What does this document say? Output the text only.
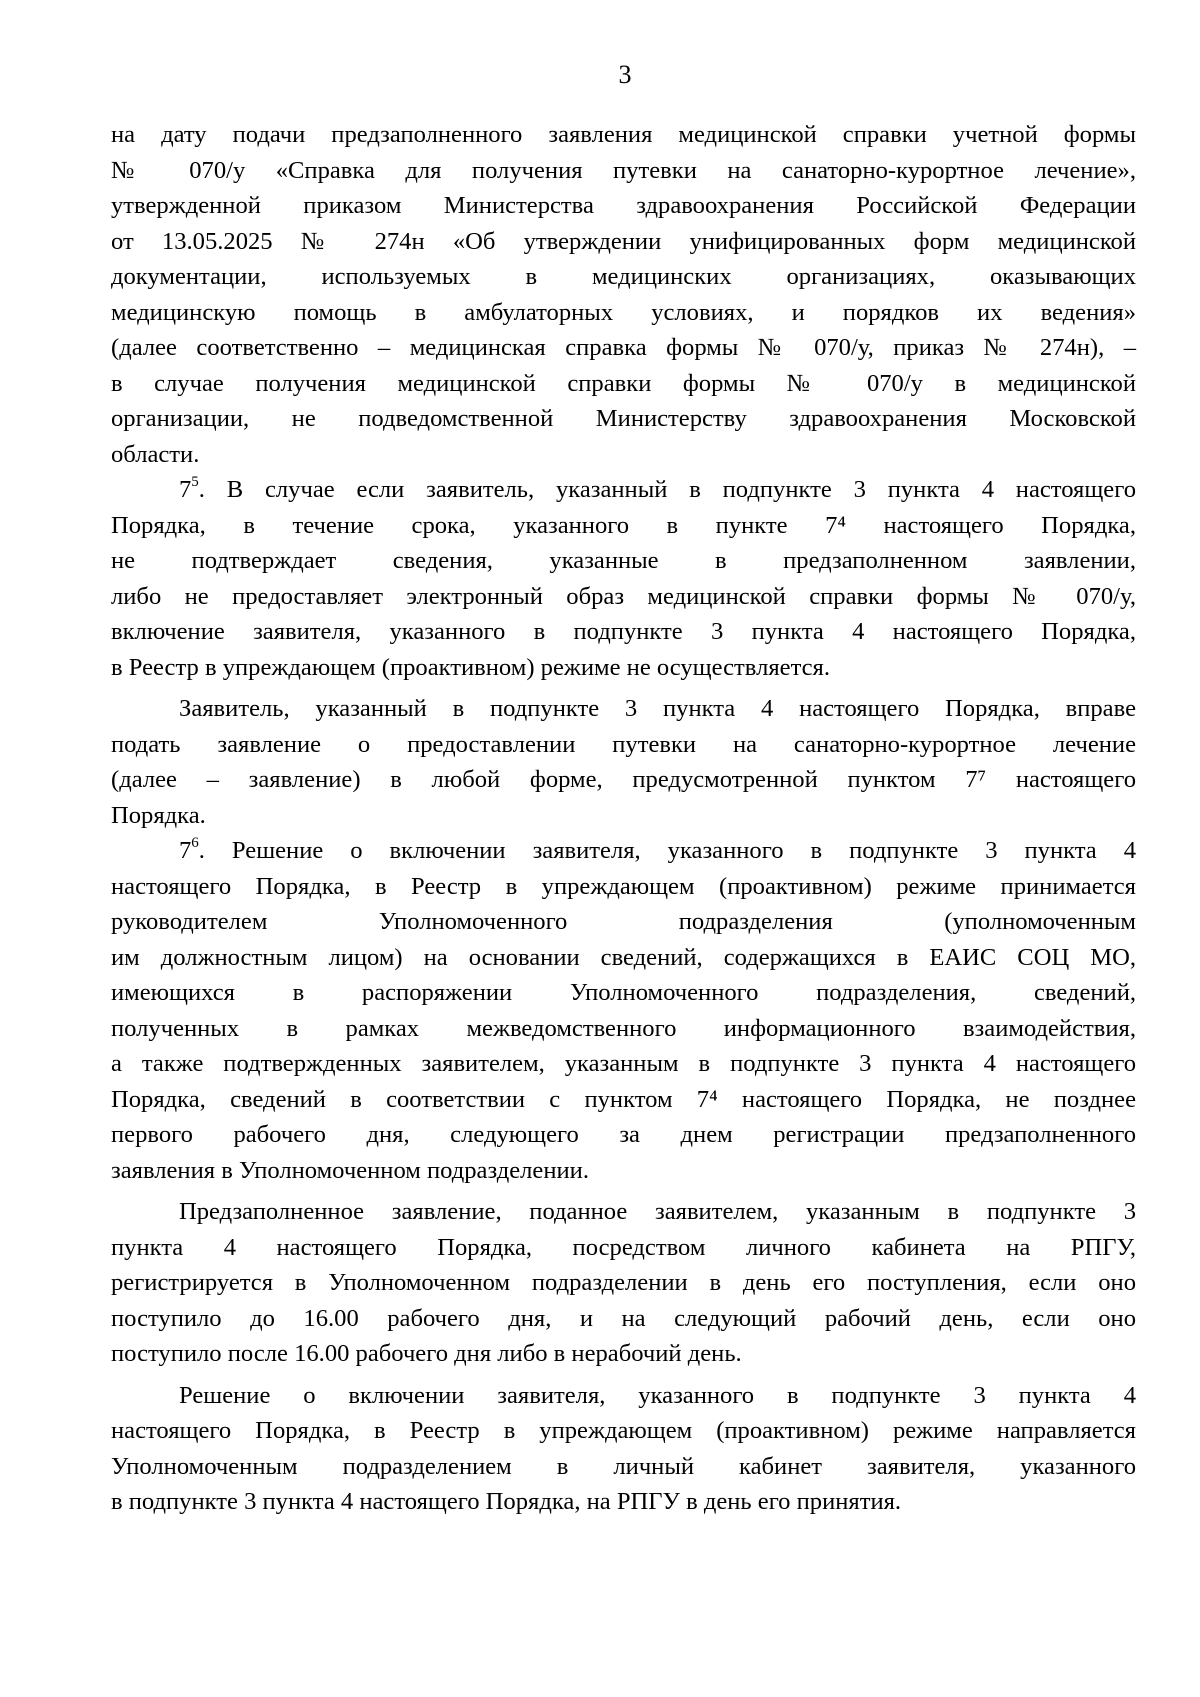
3

на дату подачи предзаполненного заявления медицинской справки учетной формы
№ 070/у «Справка для получения путевки на санаторно-курортное лечение»,
утвержденной приказом Министерства здравоохранения Российской Федерации
от 13.05.2025 № 274н «Об утверждении унифицированных форм медицинской
документации, используемых в медицинских организациях, оказывающих
медицинскую помощь в амбулаторных условиях, и порядков их ведения»
(далее соответственно – медицинская справка формы № 070/у, приказ № 274н), –
в случае получения медицинской справки формы № 070/у в медицинской
организации, не подведомственной Министерству здравоохранения Московской
области.

$7^5$. В случае если заявитель, указанный в подпункте 3 пункта 4 настоящего
Порядка, в течение срока, указанного в пункте 7⁴ настоящего Порядка,
не подтверждает сведения, указанные в предзаполненном заявлении,
либо не предоставляет электронный образ медицинской справки формы № 070/у,
включение заявителя, указанного в подпункте 3 пункта 4 настоящего Порядка,
в Реестр в упреждающем (проактивном) режиме не осуществляется.

Заявитель, указанный в подпункте 3 пункта 4 настоящего Порядка, вправе
подать заявление о предоставлении путевки на санаторно-курортное лечение
(далее – заявление) в любой форме, предусмотренной пунктом 7⁷ настоящего
Порядка.

$7^6$. Решение о включении заявителя, указанного в подпункте 3 пункта 4
настоящего Порядка, в Реестр в упреждающем (проактивном) режиме принимается
руководителем Уполномоченного подразделения (уполномоченным
им должностным лицом) на основании сведений, содержащихся в ЕАИС СОЦ МО,
имеющихся в распоряжении Уполномоченного подразделения, сведений,
полученных в рамках межведомственного информационного взаимодействия,
а также подтвержденных заявителем, указанным в подпункте 3 пункта 4 настоящего
Порядка, сведений в соответствии с пунктом 7⁴ настоящего Порядка, не позднее
первого рабочего дня, следующего за днем регистрации предзаполненного
заявления в Уполномоченном подразделении.

Предзаполненное заявление, поданное заявителем, указанным в подпункте 3
пункта 4 настоящего Порядка, посредством личного кабинета на РПГУ,
регистрируется в Уполномоченном подразделении в день его поступления, если оно
поступило до 16.00 рабочего дня, и на следующий рабочий день, если оно
поступило после 16.00 рабочего дня либо в нерабочий день.

Решение о включении заявителя, указанного в подпункте 3 пункта 4
настоящего Порядка, в Реестр в упреждающем (проактивном) режиме направляется
Уполномоченным подразделением в личный кабинет заявителя, указанного
в подпункте 3 пункта 4 настоящего Порядка, на РПГУ в день его принятия.
